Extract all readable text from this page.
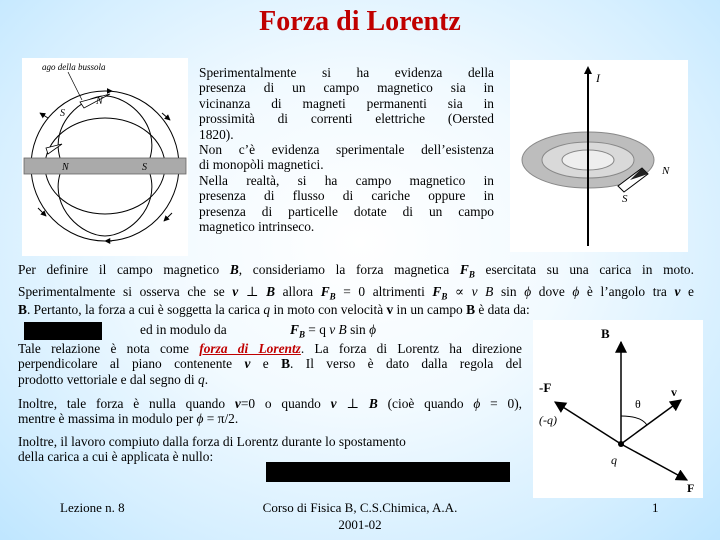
Forza di Lorentz
ago della bussola
S
N
N	S
I
N
S
Sperimentalmente si ha evidenza della
presenza di un campo magnetico sia in
vicinanza di magneti permanenti sia in
prossimità di correnti elettriche (Oersted
1820).
Non c’è evidenza sperimentale dell’esistenza
di monopòli magnetici.
Nella realtà, si ha campo magnetico in
presenza di flusso di cariche oppure in
presenza di particelle dotate di un campo
magnetico intrinseco.
Per definire il campo magnetico B, consideriamo la forza magnetica $F_B$ esercitata su una carica in moto.
Sperimentalmente si osserva che se v ⊥ B allora $F_B = 0$ altrimenti $F_B \propto v$ B sin ϕ dove ϕ è l’angolo tra v e
B. Pertanto, la forza a cui è soggetta la carica q in moto con velocità v in un campo B è data da:
ed in modulo da	$F_B = q$ v B sin ϕ
Tale relazione è nota come forza di Lorentz. La forza di Lorentz ha direzione
perpendicolare al piano contenente v e B. Il verso è dato dalla regola del
prodotto vettoriale e dal segno di q.
Inoltre, tale forza è nulla quando v=0 o quando v ⊥ B (cioè quando ϕ = 0),
mentre è massima in modulo per ϕ = π/2.
Inoltre, il lavoro compiuto dalla forza di Lorentz durante lo spostamento
della carica a cui è applicata è nullo:
B
-F	v
F
θ
(-q)
q
Lezione n. 8	Corso di Fisica B, C.S.Chimica, A.A.
2001-02
1
